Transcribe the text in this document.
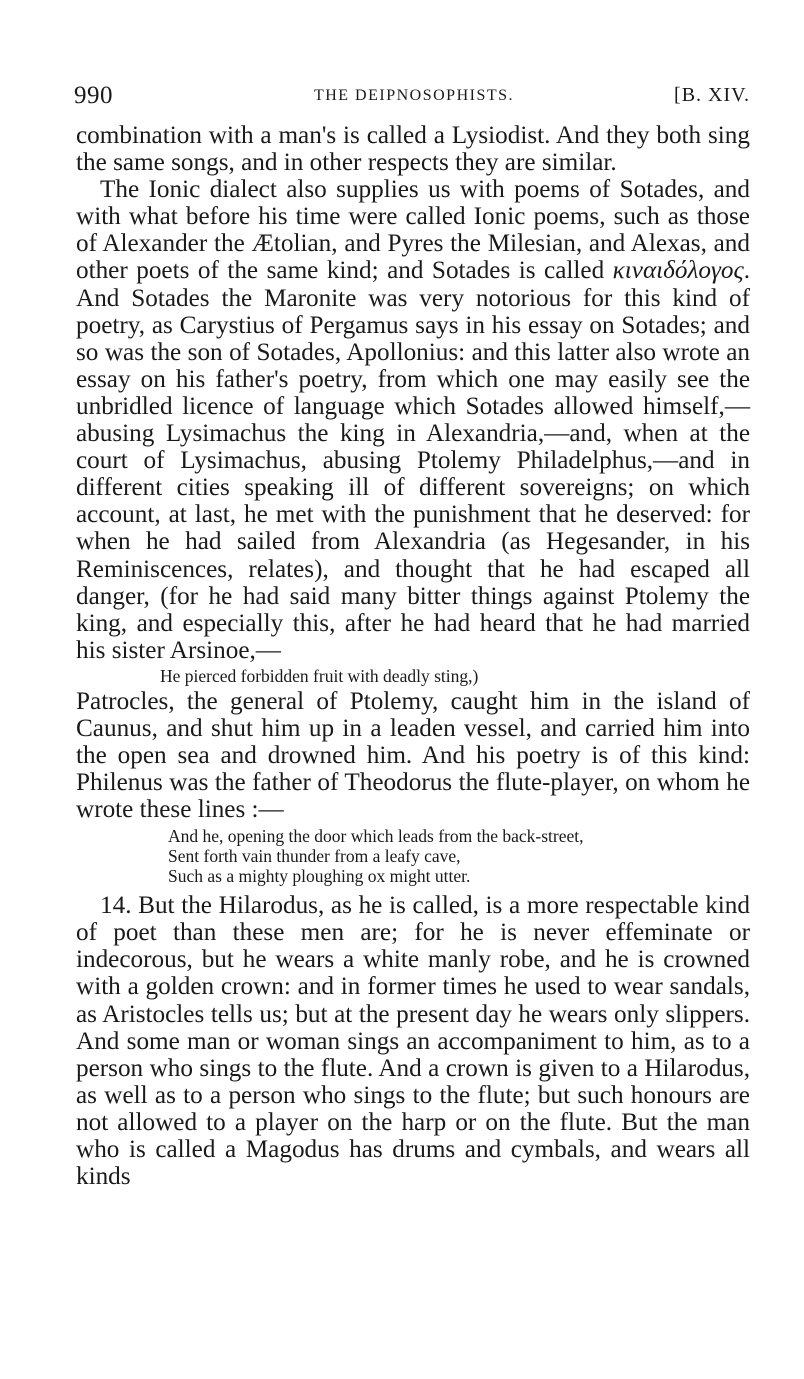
990	THE DEIPNOSOPHISTS.	[B. XIV.

combination with a man's is called a Lysiodist. And they both sing the same songs, and in other respects they are similar.

The Ionic dialect also supplies us with poems of Sotades, and with what before his time were called Ionic poems, such as those of Alexander the Ætolian, and Pyres the Milesian, and Alexas, and other poets of the same kind; and Sotades is called κιναιδόλογος. And Sotades the Maronite was very notorious for this kind of poetry, as Carystius of Pergamus says in his essay on Sotades; and so was the son of Sotades, Apollonius: and this latter also wrote an essay on his father's poetry, from which one may easily see the unbridled licence of language which Sotades allowed himself,—abusing Lysimachus the king in Alexandria,—and, when at the court of Lysimachus, abusing Ptolemy Philadelphus,—and in different cities speaking ill of different sovereigns; on which account, at last, he met with the punishment that he deserved: for when he had sailed from Alexandria (as Hegesander, in his Reminiscences, relates), and thought that he had escaped all danger, (for he had said many bitter things against Ptolemy the king, and especially this, after he had heard that he had married his sister Arsinoe,—

He pierced forbidden fruit with deadly sting,)

Patrocles, the general of Ptolemy, caught him in the island of Caunus, and shut him up in a leaden vessel, and carried him into the open sea and drowned him. And his poetry is of this kind: Philenus was the father of Theodorus the flute-player, on whom he wrote these lines :—

And he, opening the door which leads from the back-street,
Sent forth vain thunder from a leafy cave,
Such as a mighty ploughing ox might utter.

14. But the Hilarodus, as he is called, is a more respectable kind of poet than these men are; for he is never effeminate or indecorous, but he wears a white manly robe, and he is crowned with a golden crown: and in former times he used to wear sandals, as Aristocles tells us; but at the present day he wears only slippers. And some man or woman sings an accompaniment to him, as to a person who sings to the flute. And a crown is given to a Hilarodus, as well as to a person who sings to the flute; but such honours are not allowed to a player on the harp or on the flute. But the man who is called a Magodus has drums and cymbals, and wears all kinds
